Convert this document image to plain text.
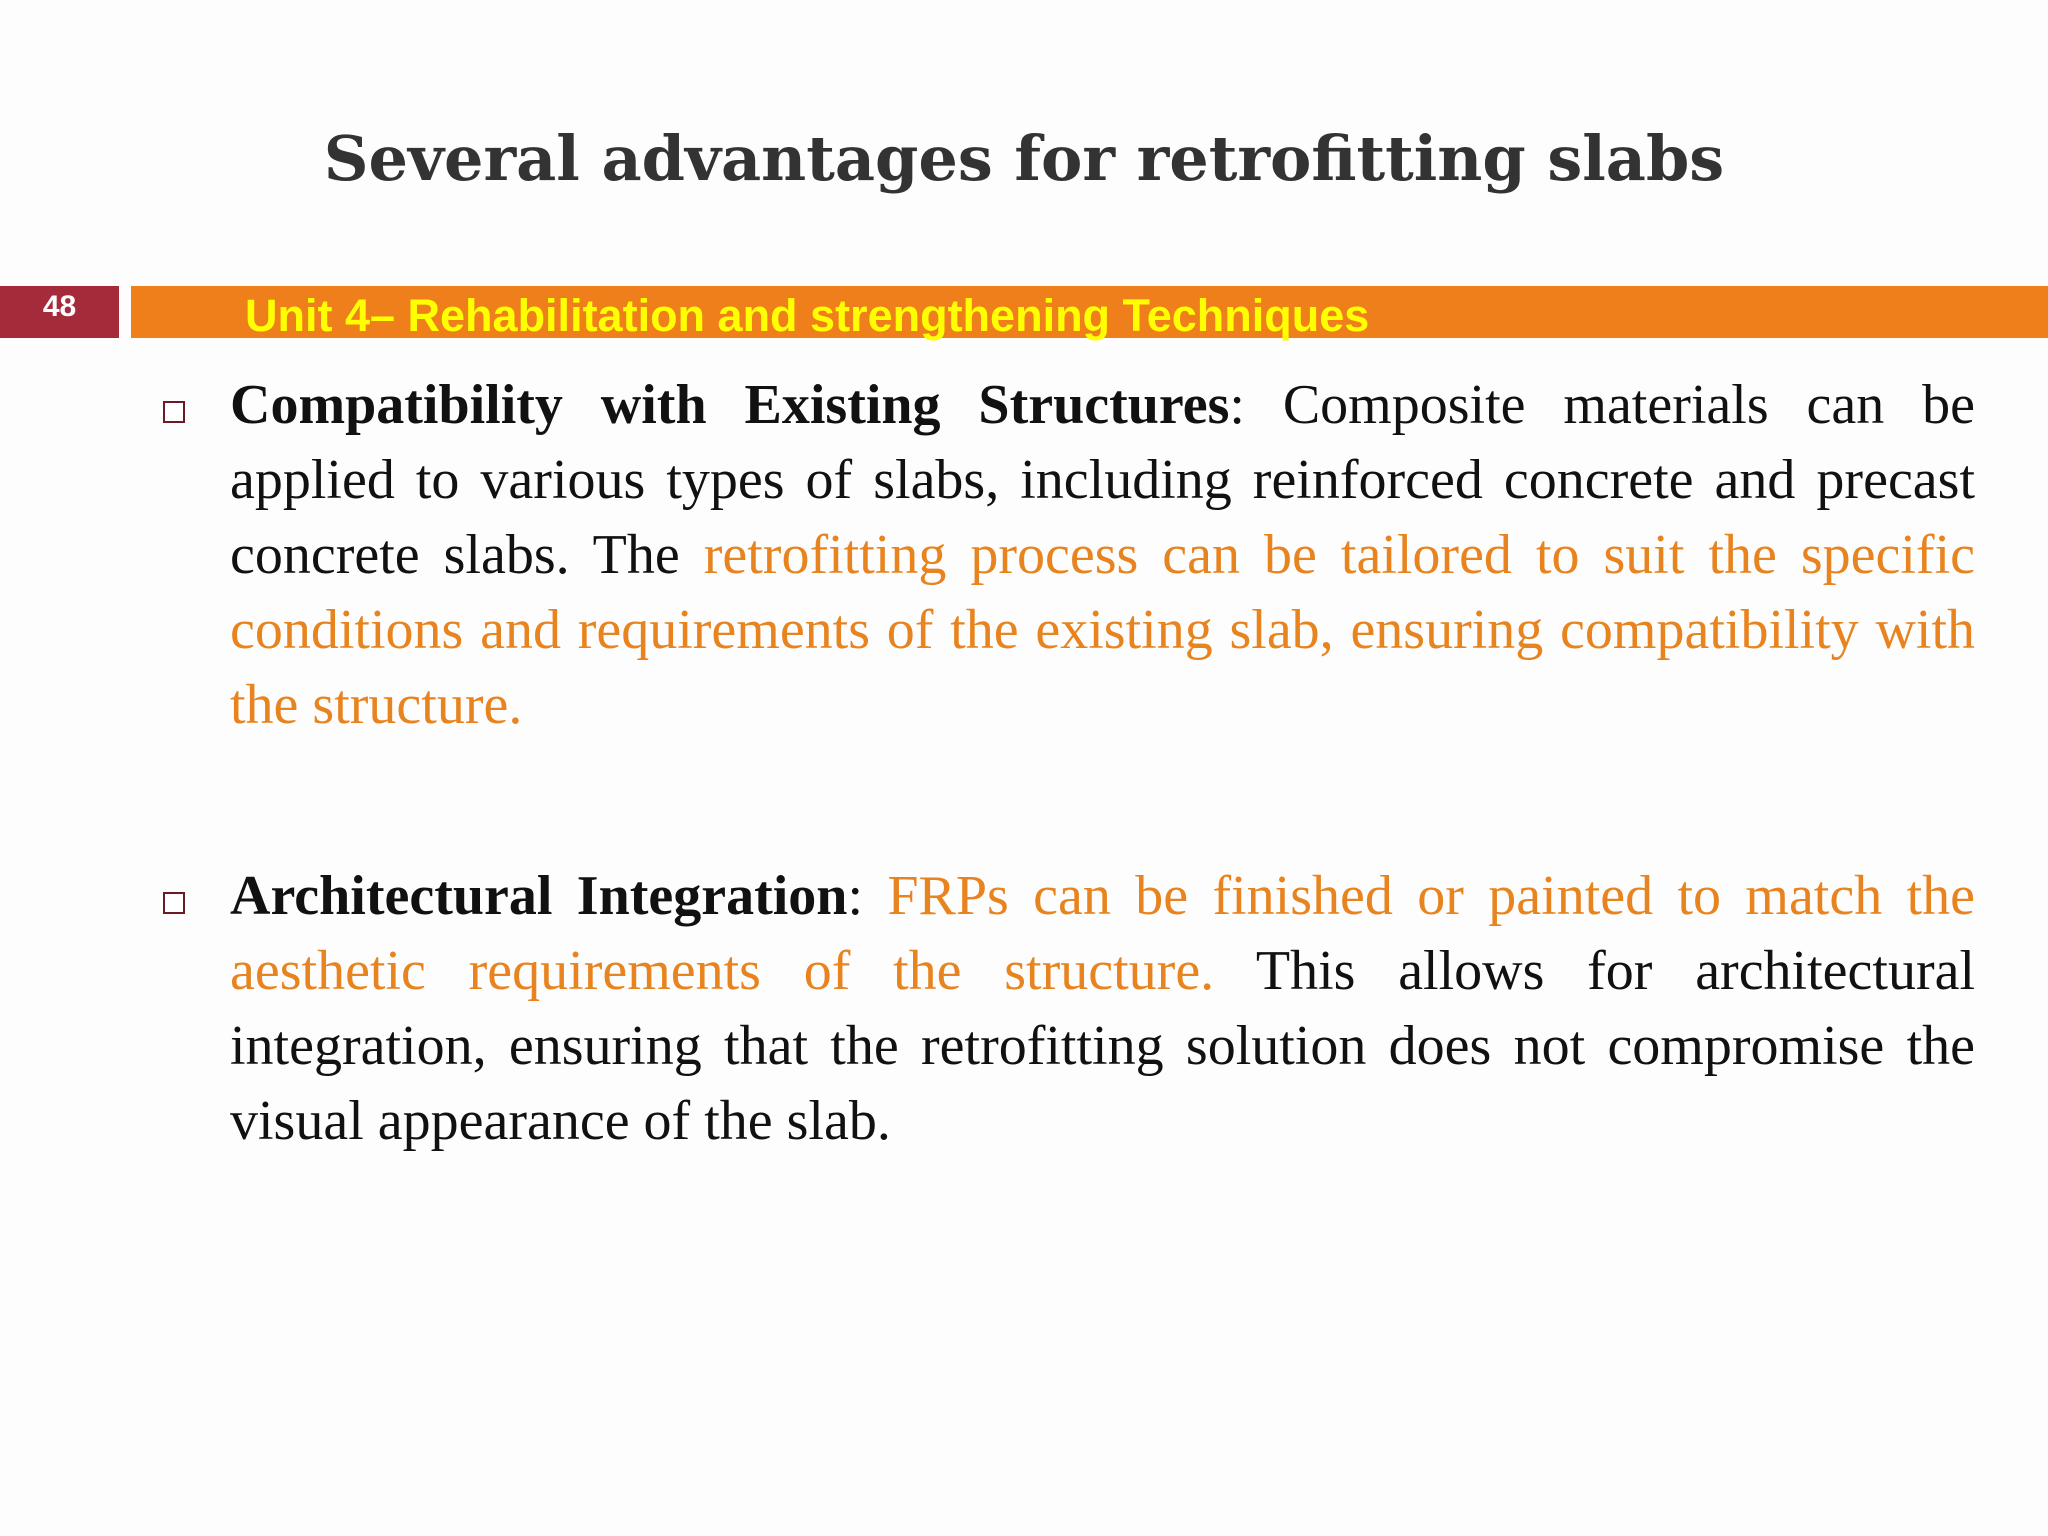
Several advantages for retrofitting slabs
48	Unit 4– Rehabilitation and strengthening Techniques
Compatibility with Existing Structures: Composite materials can be applied to various types of slabs, including reinforced concrete and precast concrete slabs. The retrofitting process can be tailored to suit the specific conditions and requirements of the existing slab, ensuring compatibility with the structure.
Architectural Integration: FRPs can be finished or painted to match the aesthetic requirements of the structure. This allows for architectural integration, ensuring that the retrofitting solution does not compromise the visual appearance of the slab.
